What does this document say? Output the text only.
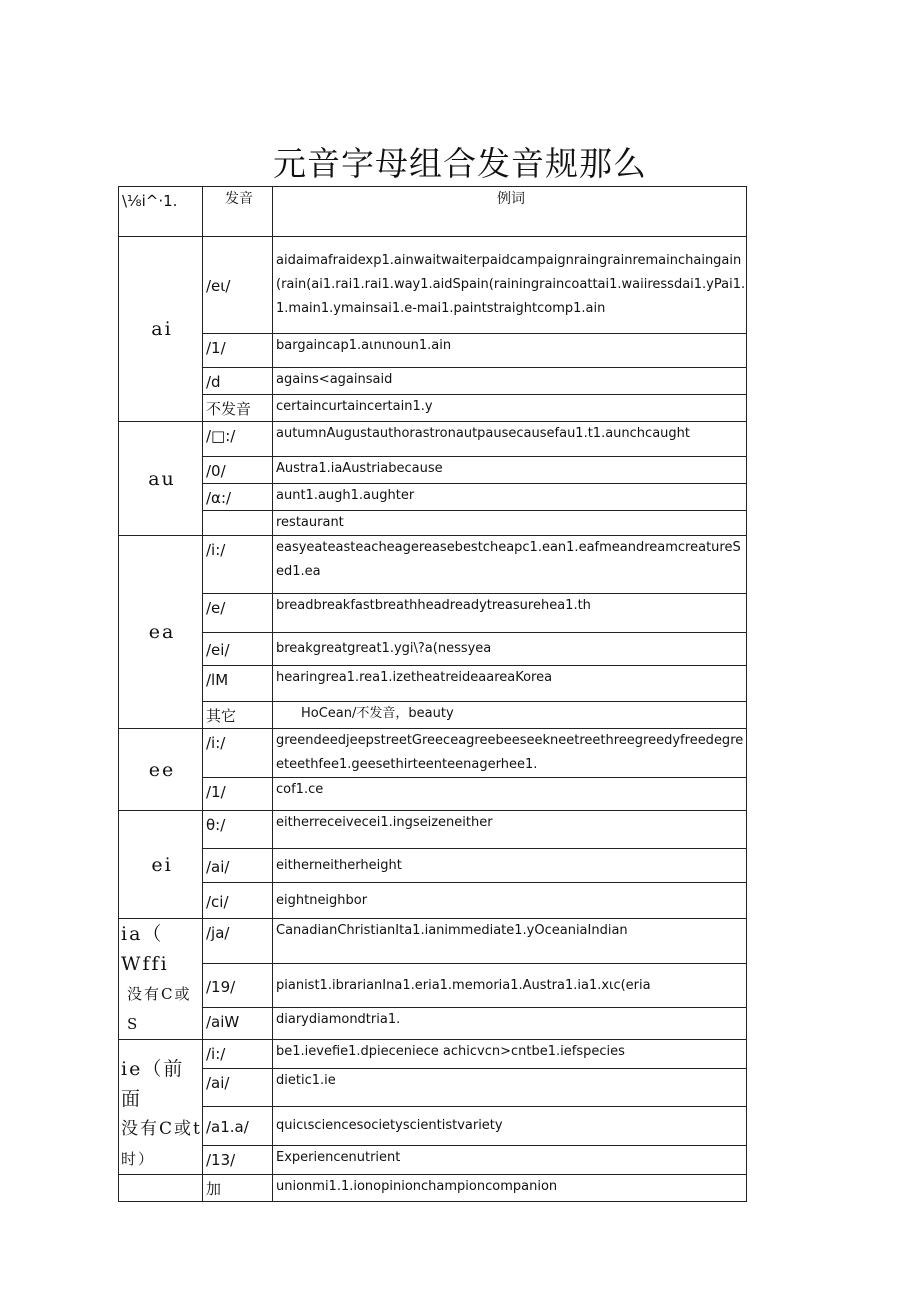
元音字母组合发音规那么
\⅛i^·1.	发音	例词
ai	/eι/	aidaimafraidexp1.ainwaitwaiterpaidcampaignraingrainremainchaingain(rain(ai1.rai1.rai1.way1.aidSpain(rainingraincoattai1.waiiressdai1.yPai1.1.main1.ymainsai1.e-mai1.paintstraightcomp1.ain
	/1/	bargaincap1.aιnιnoun1.ain
	/d	agains<againsaid
	不发音	certaincurtaincertain1.y
au	/□:/	autumnAugustauthorastronautpausecausefau1.t1.aunchcaught
	/0/	Austra1.iaAustriabecause
	/α:/	aunt1.augh1.aughter
		restaurant
ea	/i:/	easyeateasteacheagereasebestcheapc1.ean1.eafmeandreamcreatureSed1.ea
	/e/	breadbreakfastbreathheadreadytreasurehea1.th
	/ei/	breakgreatgreat1.ygi\?a(nessyea
	/lM	hearingrea1.rea1.izetheatreideaareaKorea
	其它	HoCean/不发音，beauty
ee	/i:/	greendeedjeepstreetGreeceagreebeeseekneetreethreegreedyfreedegreeteethfee1.geesethirteenteenagerhee1.
	/1/	cof1.ce
ei	θ:/	eitherreceivecei1.ingseizeneither
	/ai/	eitherneitherheight
	/ci/	eightneighbor

ia（
Wffi
没有C或S	/ja/	CanadianChristianIta1.ianimmediate1.yOceaniaIndian
	/19/	pianist1.ibrarianIna1.eria1.memoria1.Austra1.ia1.xιc(eria
	/aiW	diarydiamondtria1.

ie（前面
没有C或t
时）	/i:/	be1.ievefie1.dpieceniece achicvcn>cntbe1.iefspecies
	/ai/	dietic1.ie
	/a1.a/	quicιsciencesocietyscientistvariety
	/13/	Experiencenutrient
	加	unionmi1.1.ionopinionchampioncompanion
